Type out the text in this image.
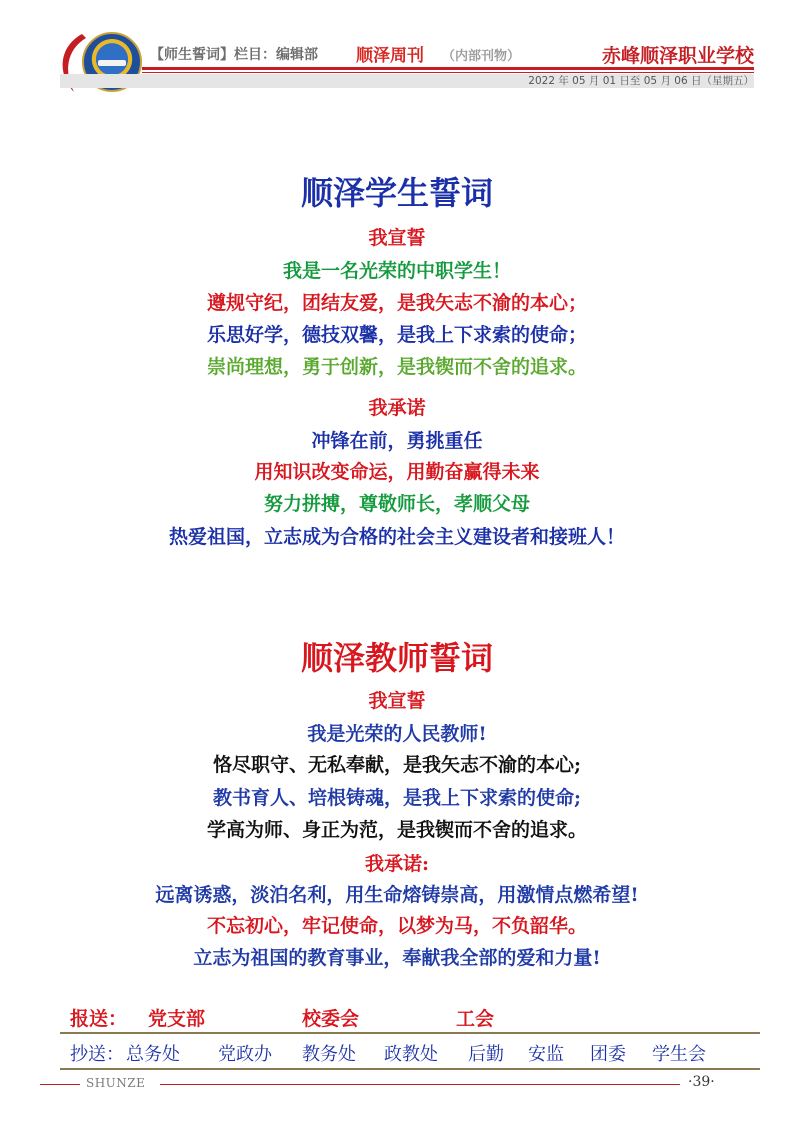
【师生誓词】栏目：编辑部 顺泽周刊 （内部刊物）	赤峰顺泽职业学校
2022 年 05 月 01 日至 05 月 06 日（星期五）
顺泽学生誓词
我宣誓
我是一名光荣的中职学生！
遵规守纪，团结友爱，是我矢志不渝的本心；
乐思好学，德技双馨，是我上下求索的使命；
崇尚理想，勇于创新，是我锲而不舍的追求。
我承诺
冲锋在前，勇挑重任
用知识改变命运，用勤奋赢得未来
努力拼搏，尊敬师长，孝顺父母
热爱祖国，立志成为合格的社会主义建设者和接班人！
顺泽教师誓词
我宣誓
我是光荣的人民教师!
恪尽职守、无私奉献，是我矢志不渝的本心;
教书育人、培根铸魂，是我上下求索的使命;
学高为师、身正为范，是我锲而不舍的追求。
我承诺:
远离诱惑，淡泊名利，用生命熔铸崇高，用激情点燃希望!
不忘初心，牢记使命，以梦为马，不负韶华。
立志为祖国的教育事业，奉献我全部的爱和力量!
报送： 党支部	校委会	工会
抄送： 总务处 党政办 教务处 政教处 后勤 安监 团委 学生会
SHUNZE	·39·
